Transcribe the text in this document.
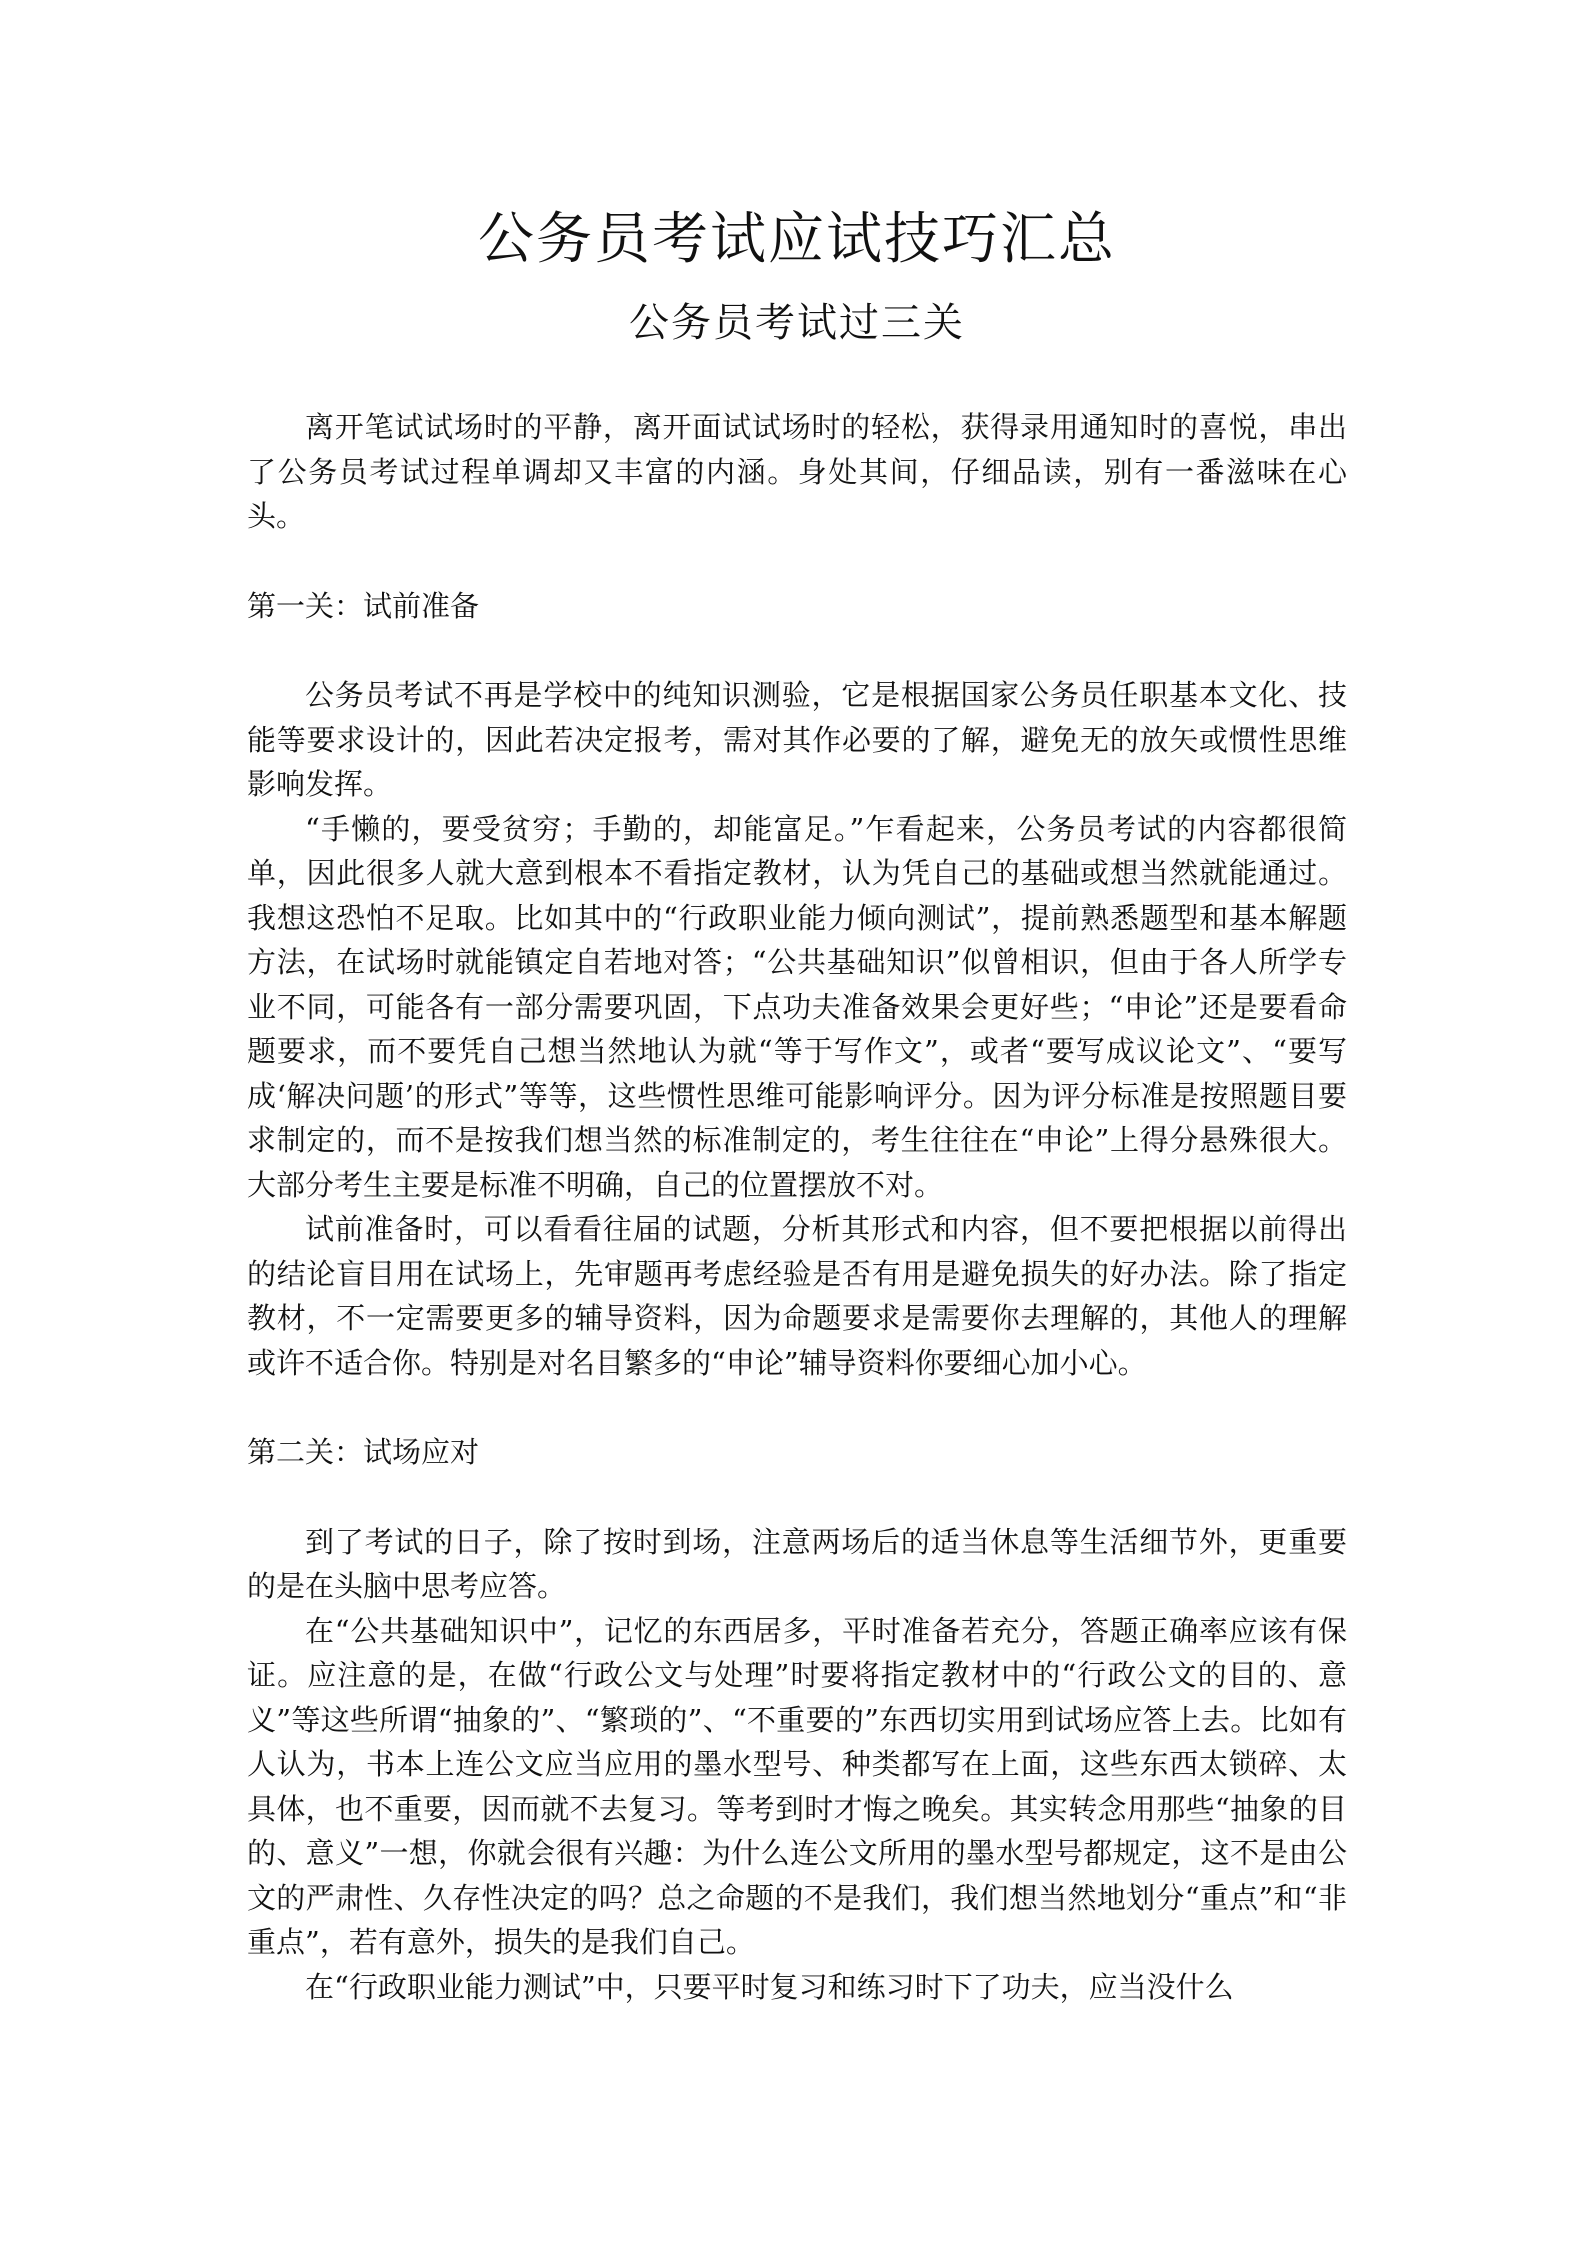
公务员考试应试技巧汇总
公务员考试过三关

离开笔试试场时的平静，离开面试试场时的轻松，获得录用通知时的喜悦，串出了公务员考试过程单调却又丰富的内涵。身处其间，仔细品读，别有一番滋味在心头。

第一关：试前准备

公务员考试不再是学校中的纯知识测验，它是根据国家公务员任职基本文化、技能等要求设计的，因此若决定报考，需对其作必要的了解，避免无的放矢或惯性思维影响发挥。

“手懒的，要受贫穷；手勤的，却能富足。”乍看起来，公务员考试的内容都很简单，因此很多人就大意到根本不看指定教材，认为凭自己的基础或想当然就能通过。我想这恐怕不足取。比如其中的“行政职业能力倾向测试”，提前熟悉题型和基本解题方法，在试场时就能镇定自若地对答；“公共基础知识”似曾相识，但由于各人所学专业不同，可能各有一部分需要巩固，下点功夫准备效果会更好些；“申论”还是要看命题要求，而不要凭自己想当然地认为就“等于写作文”，或者“要写成议论文”、“要写成‘解决问题’的形式”等等，这些惯性思维可能影响评分。因为评分标准是按照题目要求制定的，而不是按我们想当然的标准制定的，考生往往在“申论”上得分悬殊很大。大部分考生主要是标准不明确，自己的位置摆放不对。

试前准备时，可以看看往届的试题，分析其形式和内容，但不要把根据以前得出的结论盲目用在试场上，先审题再考虑经验是否有用是避免损失的好办法。除了指定教材，不一定需要更多的辅导资料，因为命题要求是需要你去理解的，其他人的理解或许不适合你。特别是对名目繁多的“申论”辅导资料你要细心加小心。

第二关：试场应对

到了考试的日子，除了按时到场，注意两场后的适当休息等生活细节外，更重要的是在头脑中思考应答。

在“公共基础知识中”，记忆的东西居多，平时准备若充分，答题正确率应该有保证。应注意的是，在做“行政公文与处理”时要将指定教材中的“行政公文的目的、意义”等这些所谓“抽象的”、“繁琐的”、“不重要的”东西切实用到试场应答上去。比如有人认为，书本上连公文应当应用的墨水型号、种类都写在上面，这些东西太锁碎、太具体，也不重要，因而就不去复习。等考到时才悔之晚矣。其实转念用那些“抽象的目的、意义”一想，你就会很有兴趣：为什么连公文所用的墨水型号都规定，这不是由公文的严肃性、久存性决定的吗？总之命题的不是我们，我们想当然地划分“重点”和“非重点”，若有意外，损失的是我们自己。

在“行政职业能力测试”中，只要平时复习和练习时下了功夫，应当没什么
